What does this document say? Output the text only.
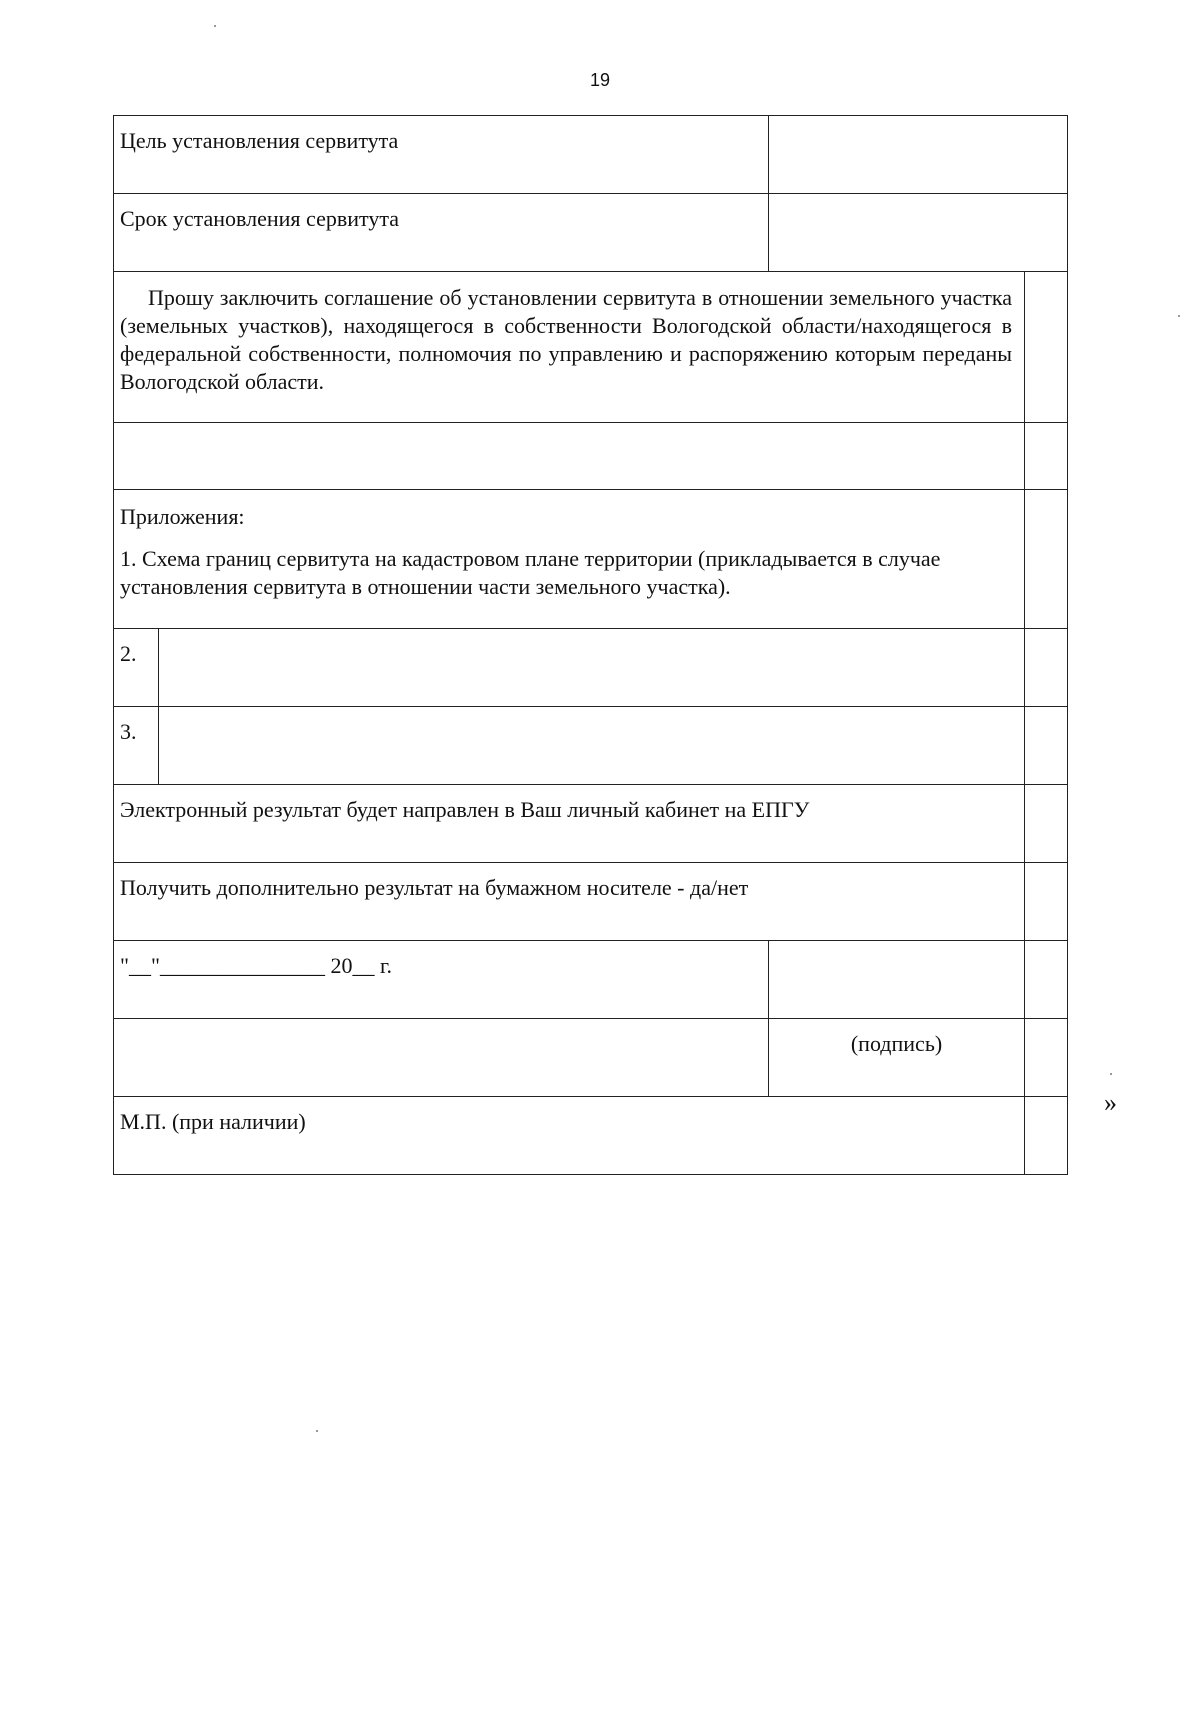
19
Цель установления сервитута			
Срок установления сервитута			

Прошу заключить соглашение об установлении сервитута в отношении земельного участка (земельных участков), находящегося в собственности Вологодской области/находящегося в федеральной собственности, полномочия по управлению и распоряжению которым переданы Вологодской области.			

Приложения:
1. Схема границ сервитута на кадастровом плане территории (прикладывается в случае установления сервитута в отношении части земельного участка).			

2.			
3.			
Электронный результат будет направлен в Ваш личный кабинет на ЕПГУ			
Получить дополнительно результат на бумажном носителе - да/нет			
"__"_______________ 20__ г.			
		(подпись)	
М.П. (при наличии)			
»
